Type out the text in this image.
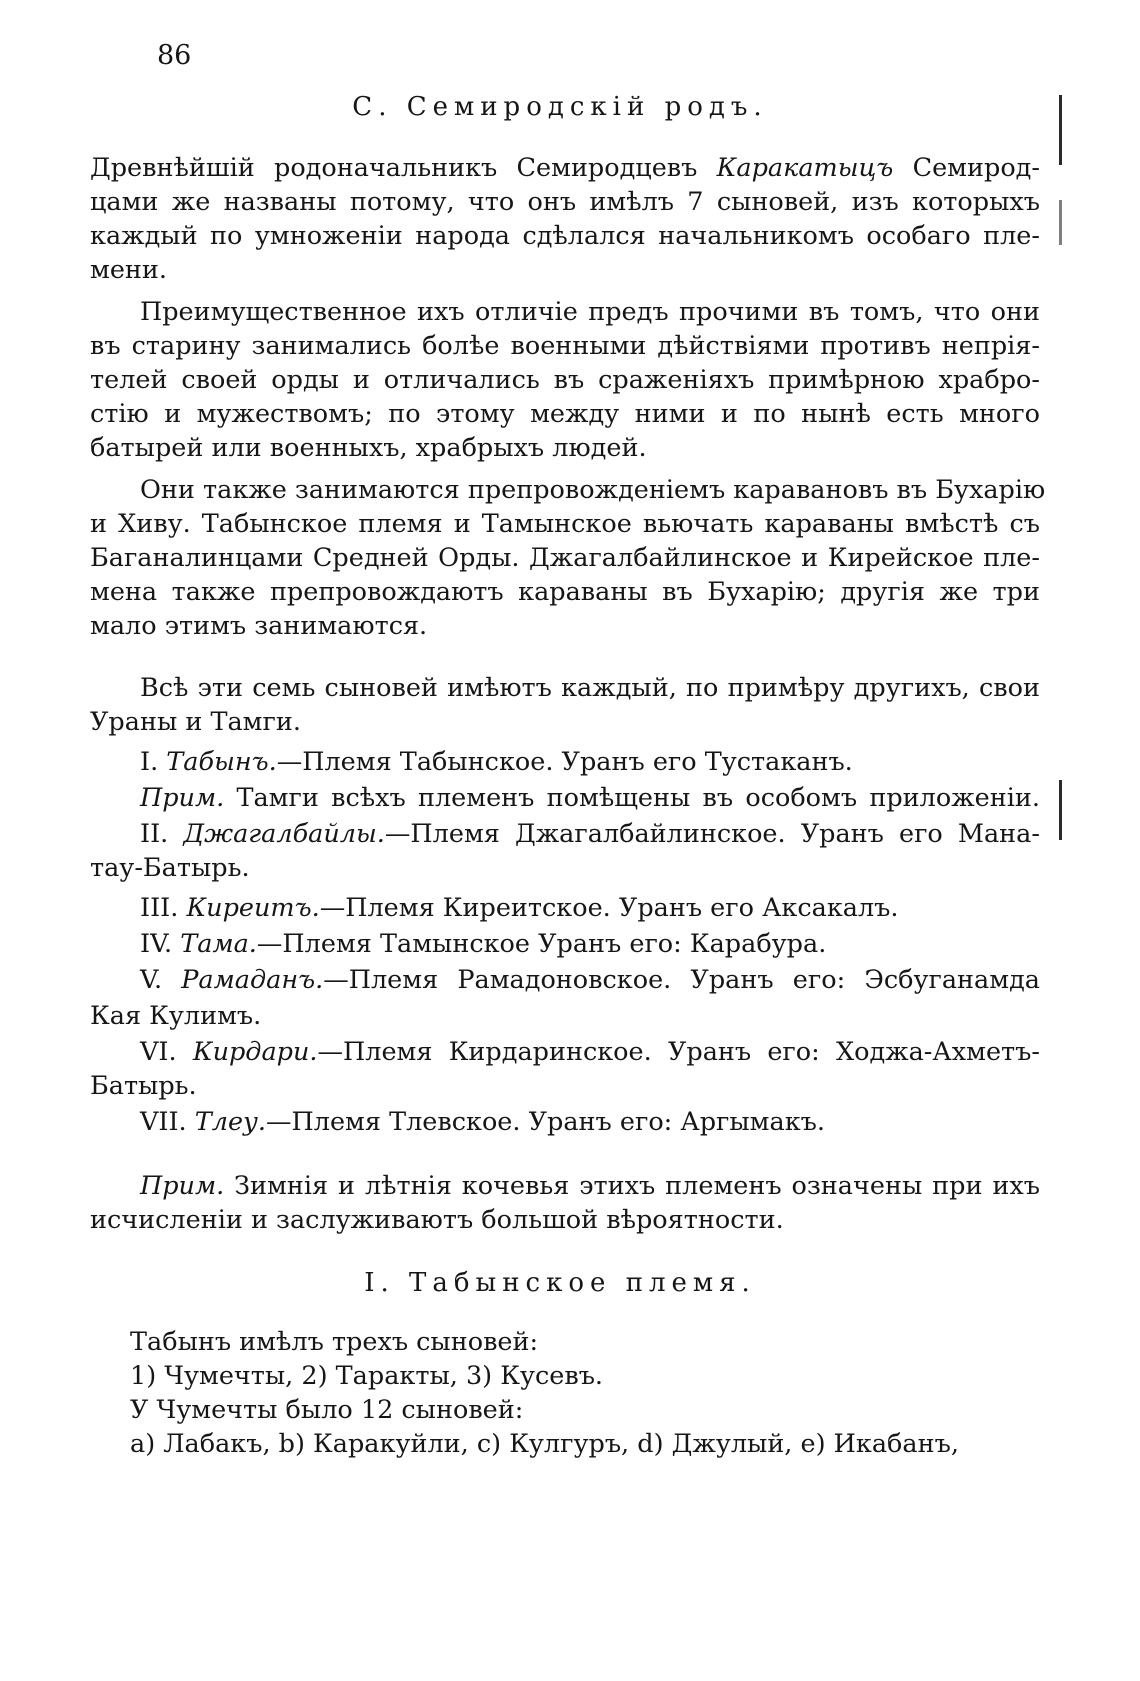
86
С. Семиродскій родъ.
Древнѣйшій родоначальникъ Семиродцевъ Каракатыцъ Семирод-
цами же названы потому, что онъ имѣлъ 7 сыновей, изъ которыхъ
каждый по умноженіи народа сдѣлался начальникомъ особаго пле-
мени.
Преимущественное ихъ отличіе предъ прочими въ томъ, что они
въ старину занимались болѣе военными дѣйствіями противъ непрія-
телей своей орды и отличались въ сраженіяхъ примѣрною храбро-
стію и мужествомъ; по этому между ними и по нынѣ есть много
батырей или военныхъ, храбрыхъ людей.
Они также занимаются препровожденіемъ каравановъ въ Бухарію
и Хиву. Табынское племя и Тамынское вьючать караваны вмѣстѣ съ
Баганалинцами Средней Орды. Джагалбайлинское и Кирейское пле-
мена также препровождаютъ караваны въ Бухарію; другія же три
мало этимъ занимаются.
Всѣ эти семь сыновей имѣютъ каждый, по примѣру другихъ, свои
Ураны и Тамги.
I. Табынъ.—Племя Табынское. Уранъ его Тустаканъ.
Прим. Тамги всѣхъ племенъ помѣщены въ особомъ приложеніи.
II. Джагалбайлы.—Племя Джагалбайлинское. Уранъ его Мана-
тау-Батырь.
III. Киреитъ.—Племя Киреитское. Уранъ его Аксакалъ.
IV. Тама.—Племя Тамынское Уранъ его: Карабура.
V. Рамаданъ.—Племя Рамадоновское. Уранъ его: Эсбуганамда
Кая Кулимъ.
VI. Кирдари.—Племя Кирдаринское. Уранъ его: Ходжа-Ахметъ-
Батырь.
VII. Тлеу.—Племя Тлевское. Уранъ его: Аргымакъ.
Прим. Зимнія и лѣтнія кочевья этихъ племенъ означены при ихъ
исчисленіи и заслуживаютъ большой вѣроятности.
I. Табынское племя.
Табынъ имѣлъ трехъ сыновей:
1) Чумечты, 2) Таракты, 3) Кусевъ.
У Чумечты было 12 сыновей:
a) Лабакъ, b) Каракуйли, c) Кулгуръ, d) Джулый, e) Икабанъ,
